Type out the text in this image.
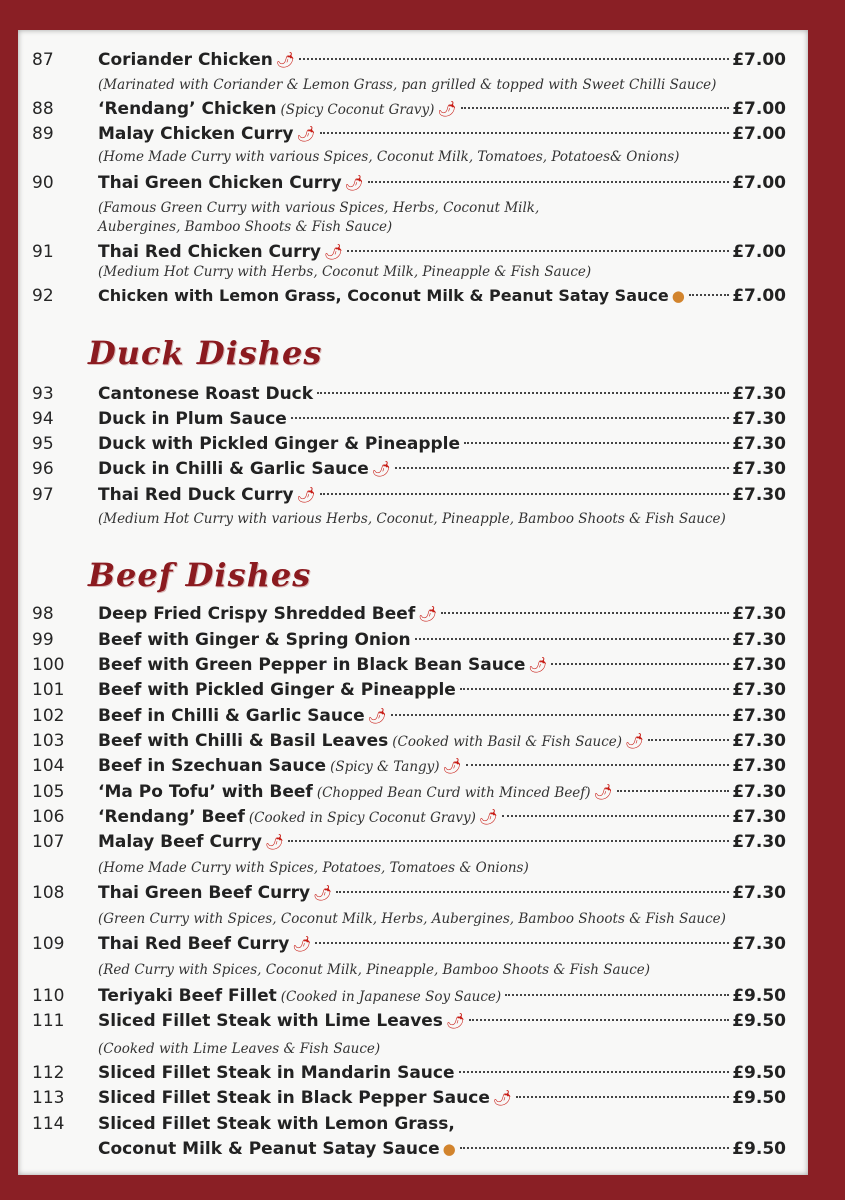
87	Coriander Chicken 🌶	£7.00
(Marinated with Coriander & Lemon Grass, pan grilled & topped with Sweet Chilli Sauce)
88	‘Rendang’ Chicken (Spicy Coconut Gravy) 🌶	£7.00
89	Malay Chicken Curry 🌶	£7.00
(Home Made Curry with various Spices, Coconut Milk, Tomatoes, Potatoes& Onions)
90	Thai Green Chicken Curry 🌶	£7.00
(Famous Green Curry with various Spices, Herbs, Coconut Milk,
Aubergines, Bamboo Shoots & Fish Sauce)
91	Thai Red Chicken Curry 🌶	£7.00
(Medium Hot Curry with Herbs, Coconut Milk, Pineapple & Fish Sauce)
92	Chicken with Lemon Grass, Coconut Milk & Peanut Satay Sauce ●	£7.00
Duck Dishes
93	Cantonese Roast Duck	£7.30
94	Duck in Plum Sauce	£7.30
95	Duck with Pickled Ginger & Pineapple	£7.30
96	Duck in Chilli & Garlic Sauce 🌶	£7.30
97	Thai Red Duck Curry 🌶	£7.30
(Medium Hot Curry with various Herbs, Coconut, Pineapple, Bamboo Shoots & Fish Sauce)
Beef Dishes
98	Deep Fried Crispy Shredded Beef 🌶	£7.30
99	Beef with Ginger & Spring Onion	£7.30
100	Beef with Green Pepper in Black Bean Sauce 🌶	£7.30
101	Beef with Pickled Ginger & Pineapple	£7.30
102	Beef in Chilli & Garlic Sauce 🌶	£7.30
103	Beef with Chilli & Basil Leaves (Cooked with Basil & Fish Sauce) 🌶	£7.30
104	Beef in Szechuan Sauce (Spicy & Tangy) 🌶	£7.30
105	‘Ma Po Tofu’ with Beef (Chopped Bean Curd with Minced Beef) 🌶	£7.30
106	‘Rendang’ Beef (Cooked in Spicy Coconut Gravy) 🌶	£7.30
107	Malay Beef Curry 🌶	£7.30
(Home Made Curry with Spices, Potatoes, Tomatoes & Onions)
108	Thai Green Beef Curry 🌶	£7.30
(Green Curry with Spices, Coconut Milk, Herbs, Aubergines, Bamboo Shoots & Fish Sauce)
109	Thai Red Beef Curry 🌶	£7.30
(Red Curry with Spices, Coconut Milk, Pineapple, Bamboo Shoots & Fish Sauce)
110	Teriyaki Beef Fillet (Cooked in Japanese Soy Sauce)	£9.50
111	Sliced Fillet Steak with Lime Leaves 🌶	£9.50
(Cooked with Lime Leaves & Fish Sauce)
112	Sliced Fillet Steak in Mandarin Sauce	£9.50
113	Sliced Fillet Steak in Black Pepper Sauce 🌶	£9.50
114	Sliced Fillet Steak with Lemon Grass,
Coconut Milk & Peanut Satay Sauce ●	£9.50
